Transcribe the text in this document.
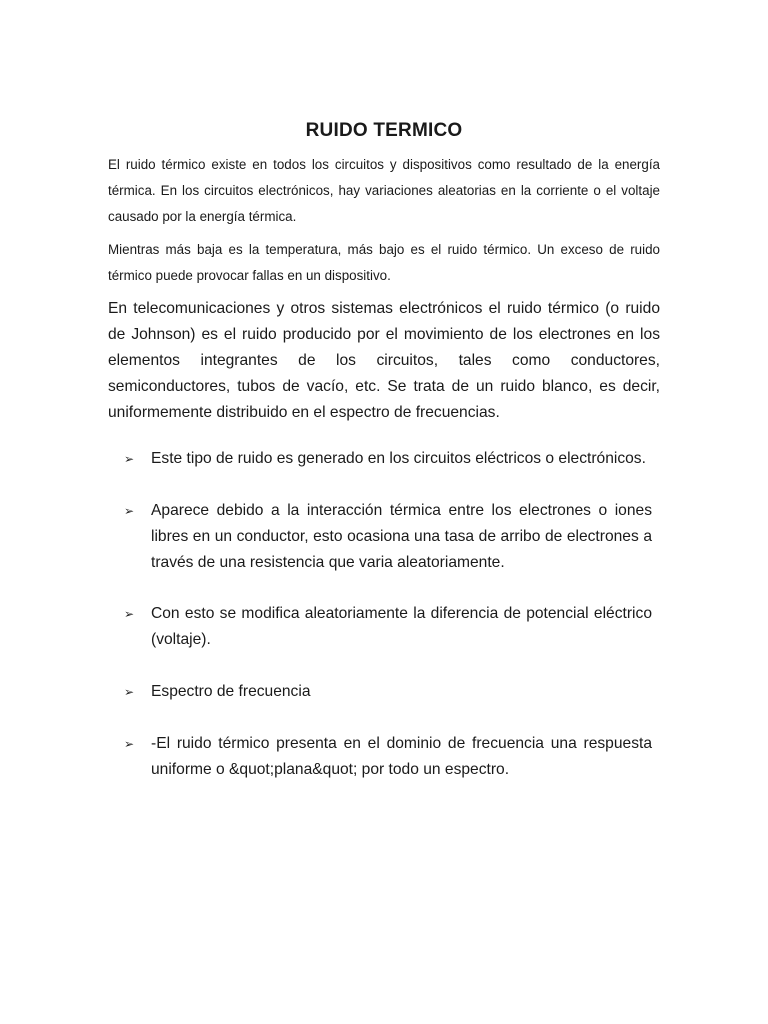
RUIDO TERMICO

El ruido térmico existe en todos los circuitos y dispositivos como resultado de la energía térmica. En los circuitos electrónicos, hay variaciones aleatorias en la corriente o el voltaje causado por la energía térmica.

Mientras más baja es la temperatura, más bajo es el ruido térmico. Un exceso de ruido térmico puede provocar fallas en un dispositivo.

En telecomunicaciones y otros sistemas electrónicos el ruido térmico (o ruido de Johnson) es el ruido producido por el movimiento de los electrones en los elementos integrantes de los circuitos, tales como conductores, semiconductores, tubos de vacío, etc. Se trata de un ruido blanco, es decir, uniformemente distribuido en el espectro de frecuencias.

➢	Este tipo de ruido es generado en los circuitos eléctricos o electrónicos.
➢	Aparece debido a la interacción térmica entre los electrones o iones libres en un conductor, esto ocasiona una tasa de arribo de electrones a través de una resistencia que varia aleatoriamente.
➢	Con esto se modifica aleatoriamente la diferencia de potencial eléctrico (voltaje).
➢	Espectro de frecuencia
➢	-El ruido térmico presenta en el dominio de frecuencia una respuesta uniforme o &quot;plana&quot; por todo un espectro.
